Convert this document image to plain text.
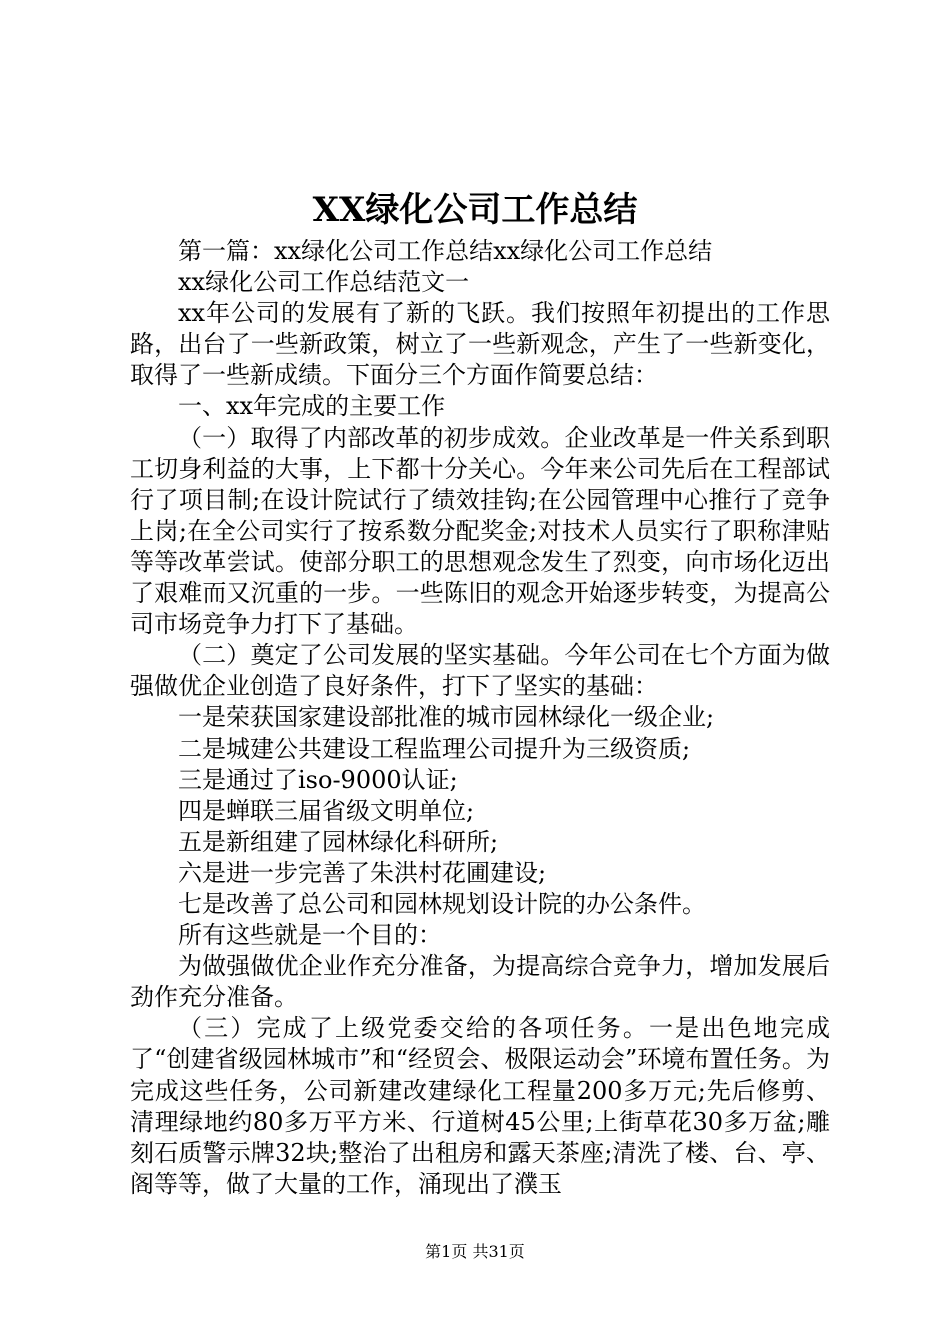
XX绿化公司工作总结

第一篇：xx绿化公司工作总结xx绿化公司工作总结

xx绿化公司工作总结范文一

xx年公司的发展有了新的飞跃。我们按照年初提出的工作思路，出台了一些新政策，树立了一些新观念，产生了一些新变化，取得了一些新成绩。下面分三个方面作简要总结：

一、xx年完成的主要工作

（一）取得了内部改革的初步成效。企业改革是一件关系到职工切身利益的大事，上下都十分关心。今年来公司先后在工程部试行了项目制;在设计院试行了绩效挂钩;在公园管理中心推行了竞争上岗;在全公司实行了按系数分配奖金;对技术人员实行了职称津贴等等改革尝试。使部分职工的思想观念发生了烈变，向市场化迈出了艰难而又沉重的一步。一些陈旧的观念开始逐步转变，为提高公司市场竞争力打下了基础。

（二）奠定了公司发展的坚实基础。今年公司在七个方面为做强做优企业创造了良好条件，打下了坚实的基础：

一是荣获国家建设部批准的城市园林绿化一级企业;

二是城建公共建设工程监理公司提升为三级资质;

三是通过了iso-9000认证;

四是蝉联三届省级文明单位;

五是新组建了园林绿化科研所;

六是进一步完善了朱洪村花圃建设;

七是改善了总公司和园林规划设计院的办公条件。

所有这些就是一个目的：

为做强做优企业作充分准备，为提高综合竞争力，增加发展后劲作充分准备。

（三）完成了上级党委交给的各项任务。一是出色地完成了“创建省级园林城市”和“经贸会、极限运动会”环境布置任务。为完成这些任务，公司新建改建绿化工程量200多万元;先后修剪、清理绿地约80多万平方米、行道树45公里;上街草花30多万盆;雕刻石质警示牌32块;整治了出租房和露天茶座;清洗了楼、台、亭、阁等等，做了大量的工作，涌现出了濮玉

第1页 共31页
